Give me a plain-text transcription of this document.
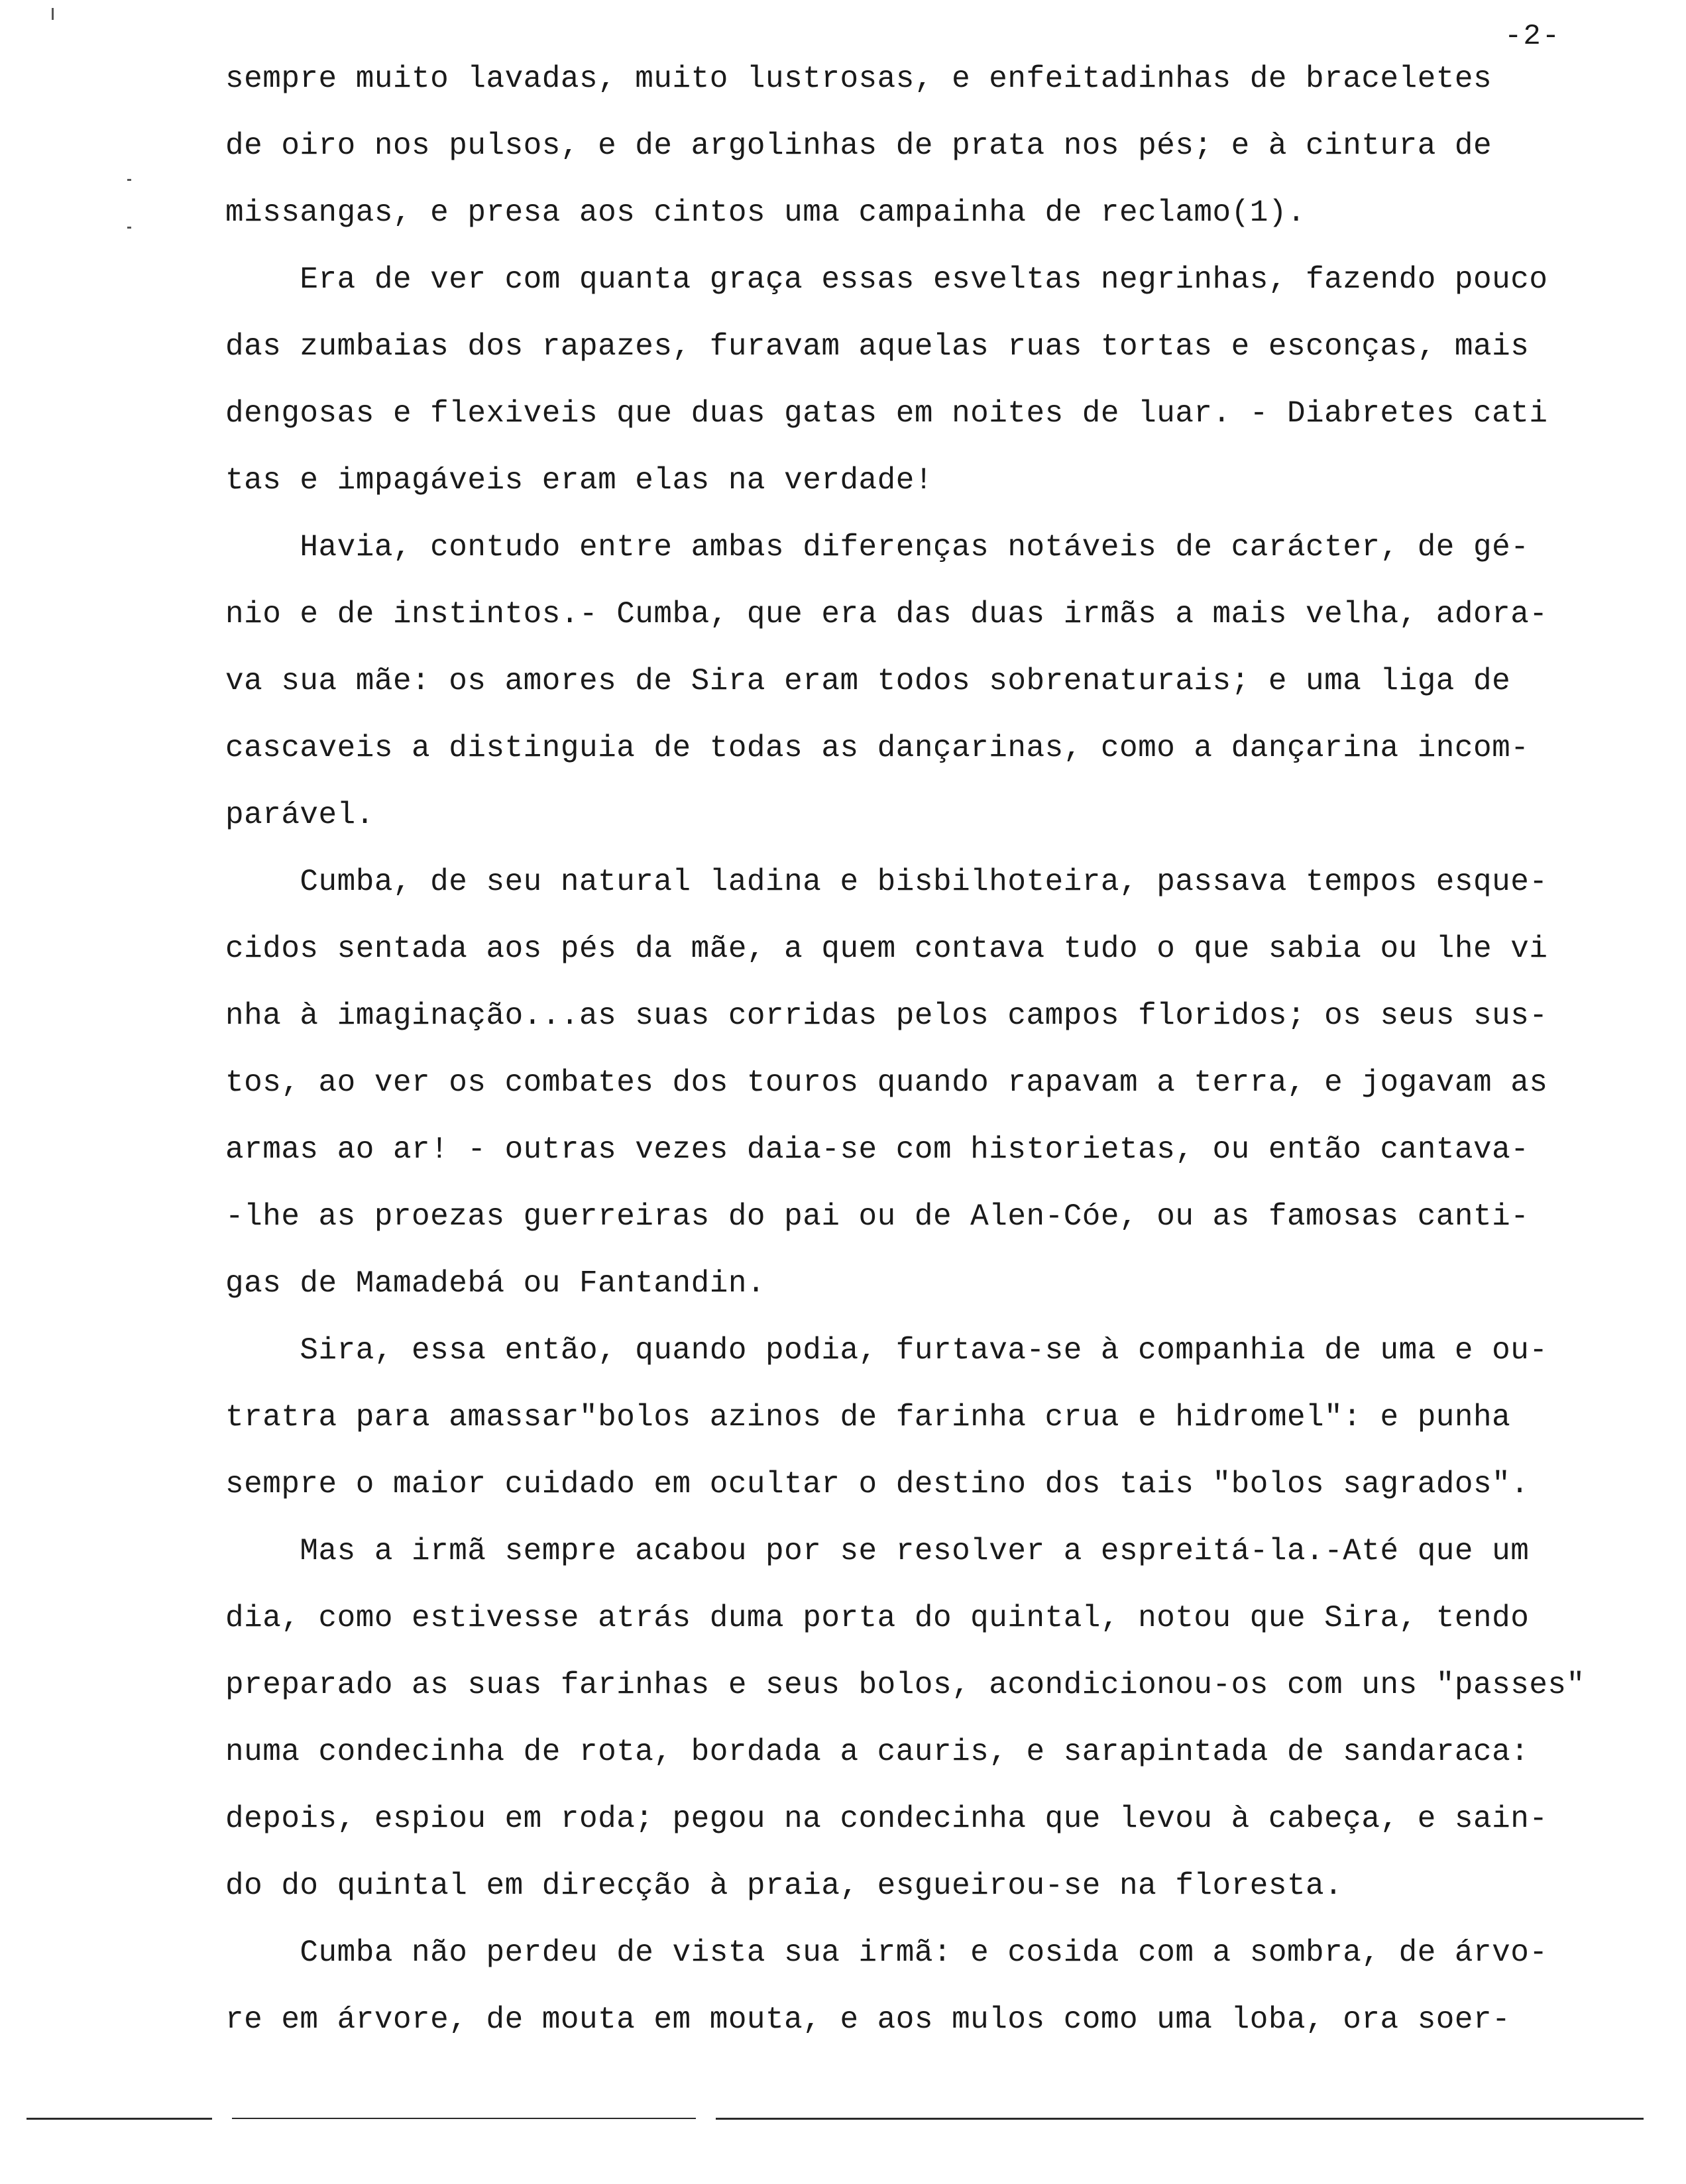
-2-
sempre muito lavadas, muito lustrosas, e enfeitadinhas de braceletes
de oiro nos pulsos, e de argolinhas de prata nos pés; e à cintura de
missangas, e presa aos cintos uma campainha de reclamo(1).
Era de ver com quanta graça essas esveltas negrinhas, fazendo pouco
das zumbaias dos rapazes, furavam aquelas ruas tortas e esconças, mais
dengosas e flexiveis que duas gatas em noites de luar. - Diabretes cati
tas e impagáveis eram elas na verdade!
Havia, contudo entre ambas diferenças notáveis de carácter, de gé-
nio e de instintos.- Cumba, que era das duas irmãs a mais velha, adora-
va sua mãe: os amores de Sira eram todos sobrenaturais; e uma liga de
cascaveis a distinguia de todas as dançarinas, como a dançarina incom-
parável.
Cumba, de seu natural ladina e bisbilhoteira, passava tempos esque-
cidos sentada aos pés da mãe, a quem contava tudo o que sabia ou lhe vi
nha à imaginação...as suas corridas pelos campos floridos; os seus sus-
tos, ao ver os combates dos touros quando rapavam a terra, e jogavam as
armas ao ar! - outras vezes daia-se com historietas, ou então cantava-
-lhe as proezas guerreiras do pai ou de Alen-Cóe, ou as famosas canti-
gas de Mamadebá ou Fantandin.
Sira, essa então, quando podia, furtava-se à companhia de uma e ou-
tratra para amassar"bolos azinos de farinha crua e hidromel": e punha
sempre o maior cuidado em ocultar o destino dos tais "bolos sagrados".
Mas a irmã sempre acabou por se resolver a espreitá-la.-Até que um
dia, como estivesse atrás duma porta do quintal, notou que Sira, tendo
preparado as suas farinhas e seus bolos, acondicionou-os com uns "passes"
numa condecinha de rota, bordada a cauris, e sarapintada de sandaraca:
depois, espiou em roda; pegou na condecinha que levou à cabeça, e sain-
do do quintal em direcção à praia, esgueirou-se na floresta.
Cumba não perdeu de vista sua irmã: e cosida com a sombra, de árvo-
re em árvore, de mouta em mouta, e aos mulos como uma loba, ora soer-
